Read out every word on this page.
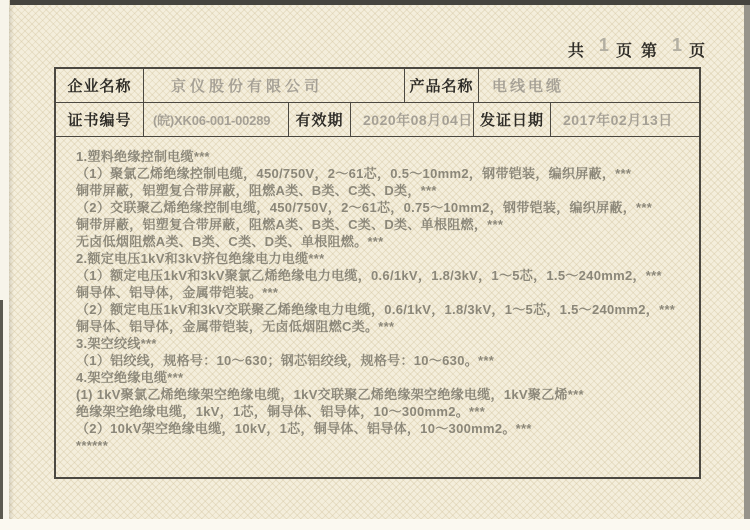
共 1 页 第 1 页
企业名称	京仪股份有限公司	产品名称	电线电缆
证书编号	(皖)XK06-001-00289	有效期	2020年08月04日 发证日期	2017年02月13日
1.塑料绝缘控制电缆***
（1）聚氯乙烯绝缘控制电缆，450/750V，2～61芯，0.5～10mm2，钢带铠装，编织屏蔽，***
铜带屏蔽，铝塑复合带屏蔽，阻燃A类、B类、C类、D类，***
（2）交联聚乙烯绝缘控制电缆，450/750V，2～61芯，0.75～10mm2，钢带铠装，编织屏蔽，***
铜带屏蔽，铝塑复合带屏蔽，阻燃A类、B类、C类、D类、单根阻燃，***
无卤低烟阻燃A类、B类、C类、D类、单根阻燃。***
2.额定电压1kV和3kV挤包绝缘电力电缆***
（1）额定电压1kV和3kV聚氯乙烯绝缘电力电缆，0.6/1kV，1.8/3kV，1～5芯，1.5～240mm2，***
铜导体、铝导体，金属带铠装。***
（2）额定电压1kV和3kV交联聚乙烯绝缘电力电缆，0.6/1kV，1.8/3kV，1～5芯，1.5～240mm2，***
铜导体、铝导体，金属带铠装，无卤低烟阻燃C类。***
3.架空绞线***
（1）铝绞线，规格号：10～630；钢芯铝绞线，规格号：10～630。***
4.架空绝缘电缆***
(1) 1kV聚氯乙烯绝缘架空绝缘电缆，1kV交联聚乙烯绝缘架空绝缘电缆，1kV聚乙烯***
绝缘架空绝缘电缆，1kV，1芯，铜导体、铝导体，10～300mm2。***
（2）10kV架空绝缘电缆，10kV，1芯，铜导体、铝导体，10～300mm2。***
******
